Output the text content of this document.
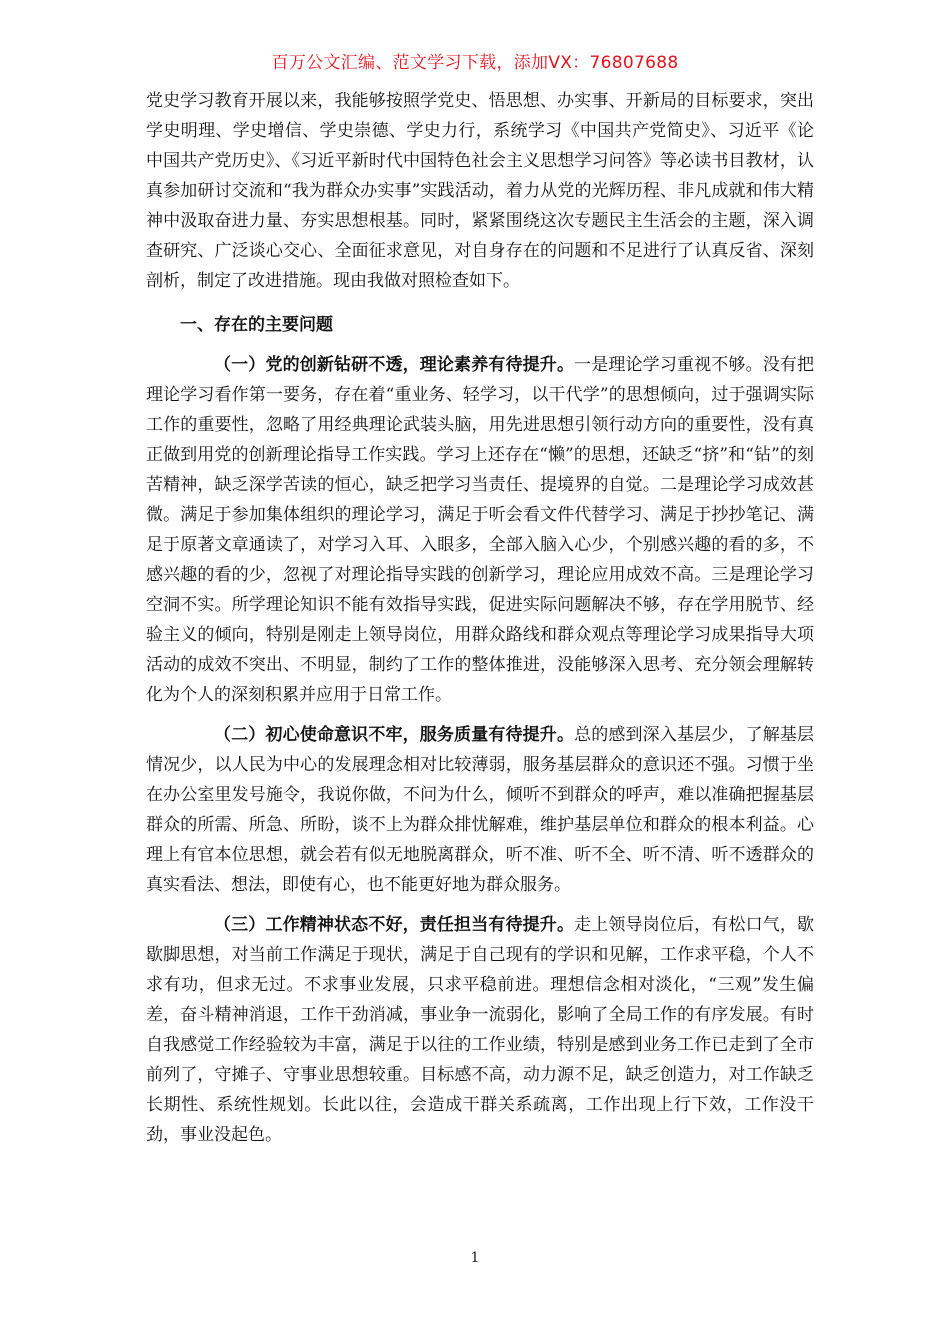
百万公文汇编、范文学习下载，添加VX：76807688

党史学习教育开展以来，我能够按照学党史、悟思想、办实事、开新局的目标要求，突出学史明理、学史增信、学史崇德、学史力行，系统学习《中国共产党简史》、习近平《论中国共产党历史》、《习近平新时代中国特色社会主义思想学习问答》等必读书目教材，认真参加研讨交流和“我为群众办实事”实践活动，着力从党的光辉历程、非凡成就和伟大精神中汲取奋进力量、夯实思想根基。同时，紧紧围绕这次专题民主生活会的主题，深入调查研究、广泛谈心交心、全面征求意见，对自身存在的问题和不足进行了认真反省、深刻剖析，制定了改进措施。现由我做对照检查如下。

一、存在的主要问题

（一）党的创新钻研不透，理论素养有待提升。一是理论学习重视不够。没有把理论学习看作第一要务，存在着“重业务、轻学习，以干代学”的思想倾向，过于强调实际工作的重要性，忽略了用经典理论武装头脑，用先进思想引领行动方向的重要性，没有真正做到用党的创新理论指导工作实践。学习上还存在“懒”的思想，还缺乏“挤”和“钻”的刻苦精神，缺乏深学苦读的恒心，缺乏把学习当责任、提境界的自觉。二是理论学习成效甚微。满足于参加集体组织的理论学习，满足于听会看文件代替学习、满足于抄抄笔记、满足于原著文章通读了，对学习入耳、入眼多，全部入脑入心少，个别感兴趣的看的多，不感兴趣的看的少，忽视了对理论指导实践的创新学习，理论应用成效不高。三是理论学习空洞不实。所学理论知识不能有效指导实践，促进实际问题解决不够，存在学用脱节、经验主义的倾向，特别是刚走上领导岗位，用群众路线和群众观点等理论学习成果指导大项活动的成效不突出、不明显，制约了工作的整体推进，没能够深入思考、充分领会理解转化为个人的深刻积累并应用于日常工作。

（二）初心使命意识不牢，服务质量有待提升。总的感到深入基层少，了解基层情况少，以人民为中心的发展理念相对比较薄弱，服务基层群众的意识还不强。习惯于坐在办公室里发号施令，我说你做，不问为什么，倾听不到群众的呼声，难以准确把握基层群众的所需、所急、所盼，谈不上为群众排忧解难，维护基层单位和群众的根本利益。心理上有官本位思想，就会若有似无地脱离群众，听不准、听不全、听不清、听不透群众的真实看法、想法，即使有心，也不能更好地为群众服务。

（三）工作精神状态不好，责任担当有待提升。走上领导岗位后，有松口气，歇歇脚思想，对当前工作满足于现状，满足于自己现有的学识和见解，工作求平稳，个人不求有功，但求无过。不求事业发展，只求平稳前进。理想信念相对淡化，“三观”发生偏差，奋斗精神消退，工作干劲消减，事业争一流弱化，影响了全局工作的有序发展。有时自我感觉工作经验较为丰富，满足于以往的工作业绩，特别是感到业务工作已走到了全市前列了，守摊子、守事业思想较重。目标感不高，动力源不足，缺乏创造力，对工作缺乏长期性、系统性规划。长此以往，会造成干群关系疏离，工作出现上行下效，工作没干劲，事业没起色。

1
